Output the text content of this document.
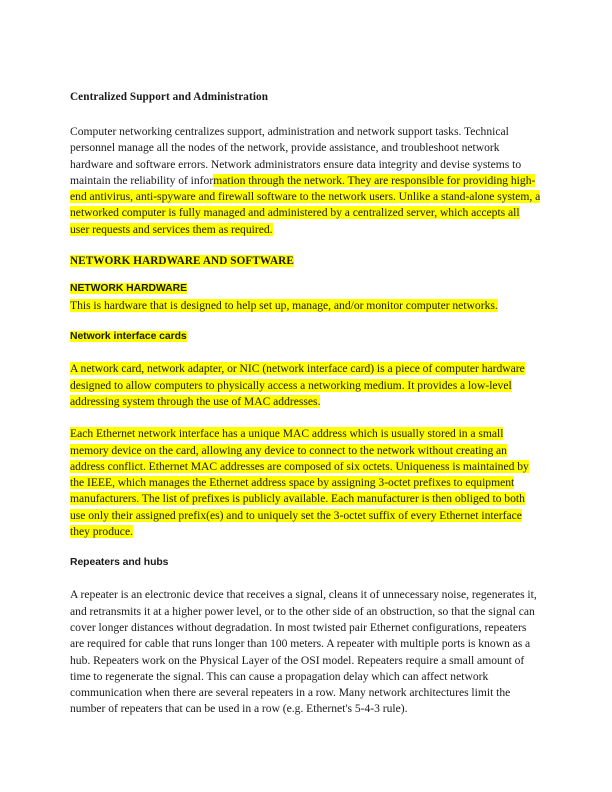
Centralized Support and Administration

Computer networking centralizes support, administration and network support tasks. Technical personnel manage all the nodes of the network, provide assistance, and troubleshoot network hardware and software errors. Network administrators ensure data integrity and devise systems to maintain the reliability of information through the network. They are responsible for providing high-end antivirus, anti-spyware and firewall software to the network users. Unlike a stand-alone system, a networked computer is fully managed and administered by a centralized server, which accepts all user requests and services them as required.

NETWORK HARDWARE AND SOFTWARE
NETWORK HARDWARE

This is hardware that is designed to help set up, manage, and/or monitor computer networks.

Network interface cards

A network card, network adapter, or NIC (network interface card) is a piece of computer hardware designed to allow computers to physically access a networking medium. It provides a low-level addressing system through the use of MAC addresses.

Each Ethernet network interface has a unique MAC address which is usually stored in a small memory device on the card, allowing any device to connect to the network without creating an address conflict. Ethernet MAC addresses are composed of six octets. Uniqueness is maintained by the IEEE, which manages the Ethernet address space by assigning 3-octet prefixes to equipment manufacturers. The list of prefixes is publicly available. Each manufacturer is then obliged to both use only their assigned prefix(es) and to uniquely set the 3-octet suffix of every Ethernet interface they produce.

Repeaters and hubs

A repeater is an electronic device that receives a signal, cleans it of unnecessary noise, regenerates it, and retransmits it at a higher power level, or to the other side of an obstruction, so that the signal can cover longer distances without degradation. In most twisted pair Ethernet configurations, repeaters are required for cable that runs longer than 100 meters. A repeater with multiple ports is known as a hub. Repeaters work on the Physical Layer of the OSI model. Repeaters require a small amount of time to regenerate the signal. This can cause a propagation delay which can affect network communication when there are several repeaters in a row. Many network architectures limit the number of repeaters that can be used in a row (e.g. Ethernet's 5-4-3 rule).
